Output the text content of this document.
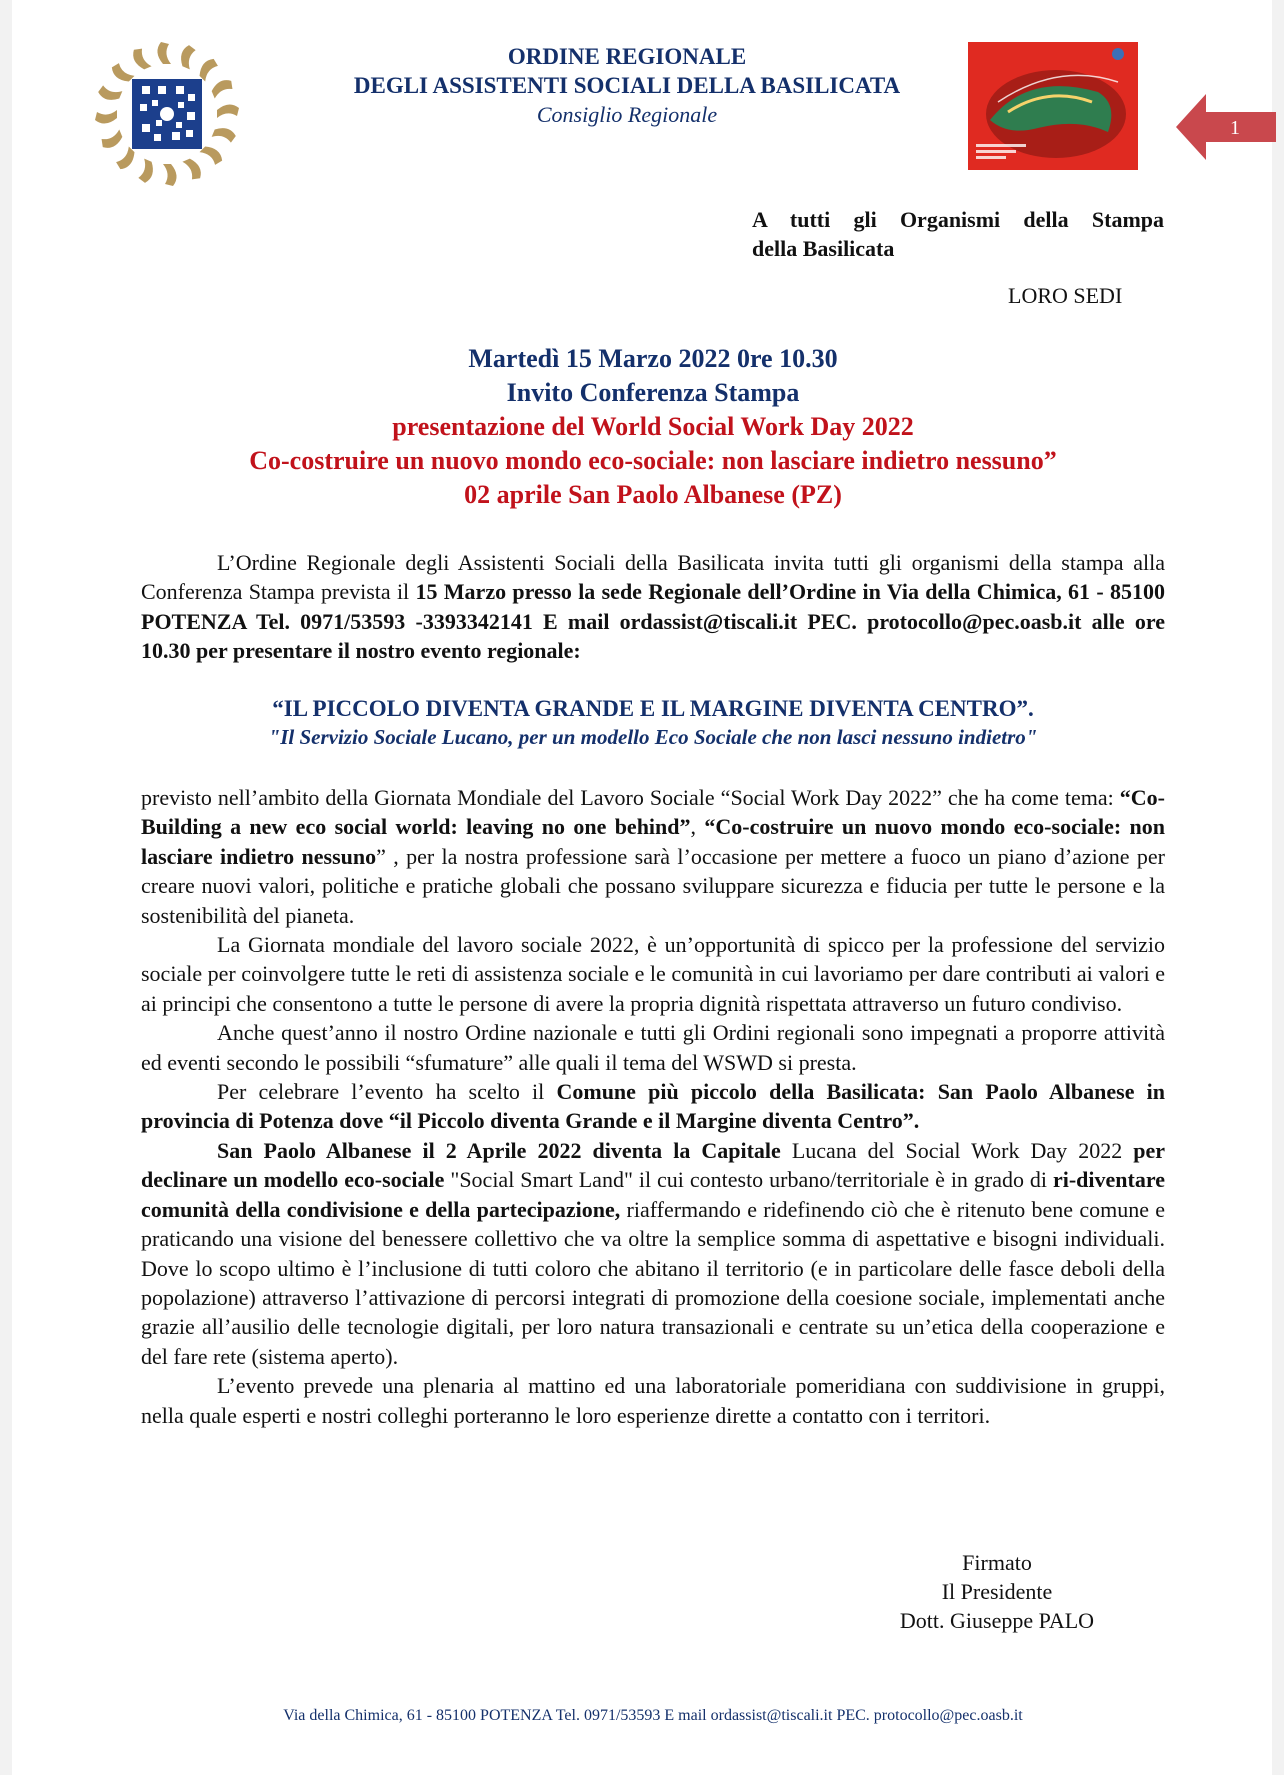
ORDINE REGIONALE
DEGLI ASSISTENTI SOCIALI DELLA BASILICATA
Consiglio Regionale
1
A tutti gli Organismi della Stampa
della Basilicata
LORO SEDI
Martedì 15 Marzo 2022 0re 10.30
Invito Conferenza Stampa
presentazione del World Social Work Day 2022
Co-costruire un nuovo mondo eco-sociale: non lasciare indietro nessuno”
02 aprile San Paolo Albanese (PZ)

L’Ordine Regionale degli Assistenti Sociali della Basilicata invita tutti gli organismi della stampa alla Conferenza Stampa prevista il 15 Marzo presso la sede Regionale dell’Ordine in Via della Chimica, 61 - 85100 POTENZA Tel. 0971/53593 -3393342141 E mail ordassist@tiscali.it PEC. protocollo@pec.oasb.it alle ore 10.30 per presentare il nostro evento regionale:

“IL PICCOLO DIVENTA GRANDE E IL MARGINE DIVENTA CENTRO”.
"Il Servizio Sociale Lucano, per un modello Eco Sociale che non lasci nessuno indietro"

previsto nell’ambito della Giornata Mondiale del Lavoro Sociale “Social Work Day 2022” che ha come tema: “Co- Building a new eco social world: leaving no one behind”, “Co-costruire un nuovo mondo eco-sociale: non lasciare indietro nessuno” , per la nostra professione sarà l’occasione per mettere a fuoco un piano d’azione per creare nuovi valori, politiche e pratiche globali che possano sviluppare sicurezza e fiducia per tutte le persone e la sostenibilità del pianeta.

La Giornata mondiale del lavoro sociale 2022, è un’opportunità di spicco per la professione del servizio sociale per coinvolgere tutte le reti di assistenza sociale e le comunità in cui lavoriamo per dare contributi ai valori e ai principi che consentono a tutte le persone di avere la propria dignità rispettata attraverso un futuro condiviso.

Anche quest’anno il nostro Ordine nazionale e tutti gli Ordini regionali sono impegnati a proporre attività ed eventi secondo le possibili “sfumature” alle quali il tema del WSWD si presta.

Per celebrare l’evento ha scelto il Comune più piccolo della Basilicata: San Paolo Albanese in provincia di Potenza dove “il Piccolo diventa Grande e il Margine diventa Centro”.

San Paolo Albanese il 2 Aprile 2022 diventa la Capitale Lucana del Social Work Day 2022 per declinare un modello eco-sociale "Social Smart Land" il cui contesto urbano/territoriale è in grado di ri-diventare comunità della condivisione e della partecipazione, riaffermando e ridefinendo ciò che è ritenuto bene comune e praticando una visione del benessere collettivo che va oltre la semplice somma di aspettative e bisogni individuali. Dove lo scopo ultimo è l’inclusione di tutti coloro che abitano il territorio (e in particolare delle fasce deboli della popolazione) attraverso l’attivazione di percorsi integrati di promozione della coesione sociale, implementati anche grazie all’ausilio delle tecnologie digitali, per loro natura transazionali e centrate su un’etica della cooperazione e del fare rete (sistema aperto).

L’evento prevede una plenaria al mattino ed una laboratoriale pomeridiana con suddivisione in gruppi, nella quale esperti e nostri colleghi porteranno le loro esperienze dirette a contatto con i territori.

Firmato
Il Presidente
Dott. Giuseppe PALO
Via della Chimica, 61 - 85100 POTENZA Tel. 0971/53593 E mail ordassist@tiscali.it PEC. protocollo@pec.oasb.it
